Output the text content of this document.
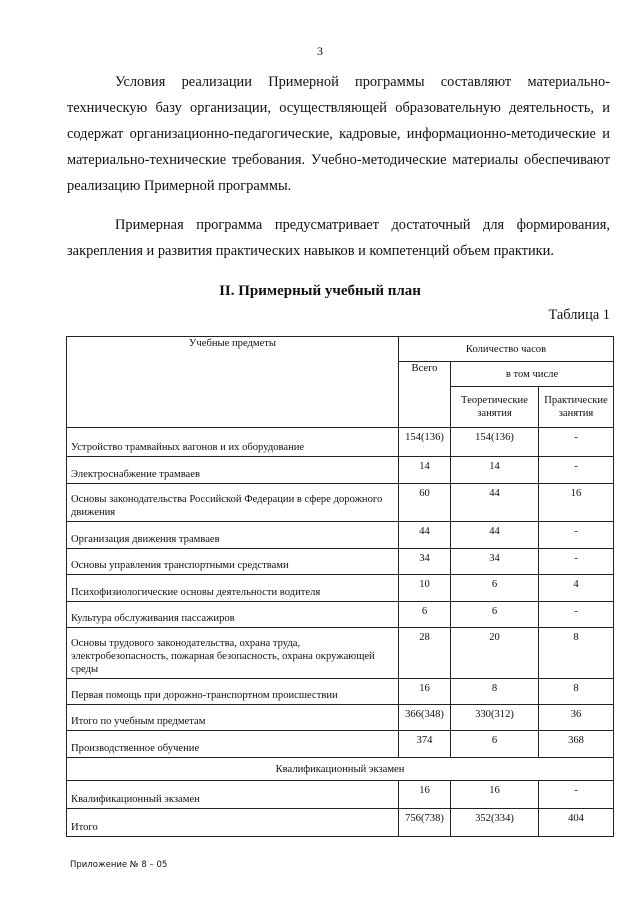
3

Условия реализации Примерной программы составляют материально-техническую базу организации, осуществляющей образовательную деятельность, и содержат организационно-педагогические, кадровые, информационно-методические и материально-технические требования. Учебно-методические материалы обеспечивают реализацию Примерной программы.

Примерная программа предусматривает достаточный для формирования, закрепления и развития практических навыков и компетенций объем практики.

II. Примерный учебный план
Таблица 1
Учебные предметы	Количество часов		
	Всего	в том числе	
		Теоретические занятия	Практические занятия
Устройство трамвайных вагонов и их оборудование	154(136)	154(136)	-
Электроснабжение трамваев	14	14	-
Основы законодательства Российской Федерации в сфере дорожного движения	60	44	16
Организация движения трамваев	44	44	-
Основы управления транспортными средствами	34	34	-
Психофизиологические основы деятельности водителя	10	6	4
Культура обслуживания пассажиров	6	6	-
Основы трудового законодательства, охрана труда, электробезопасность, пожарная безопасность, охрана окружающей среды	28	20	8
Первая помощь при дорожно-транспортном происшествии	16	8	8
Итого по учебным предметам	366(348)	330(312)	36
Производственное обучение	374	6	368
Квалификационный экзамен			
Квалификационный экзамен	16	16	-
Итого	756(738)	352(334)	404
Приложение № 8 – 05
